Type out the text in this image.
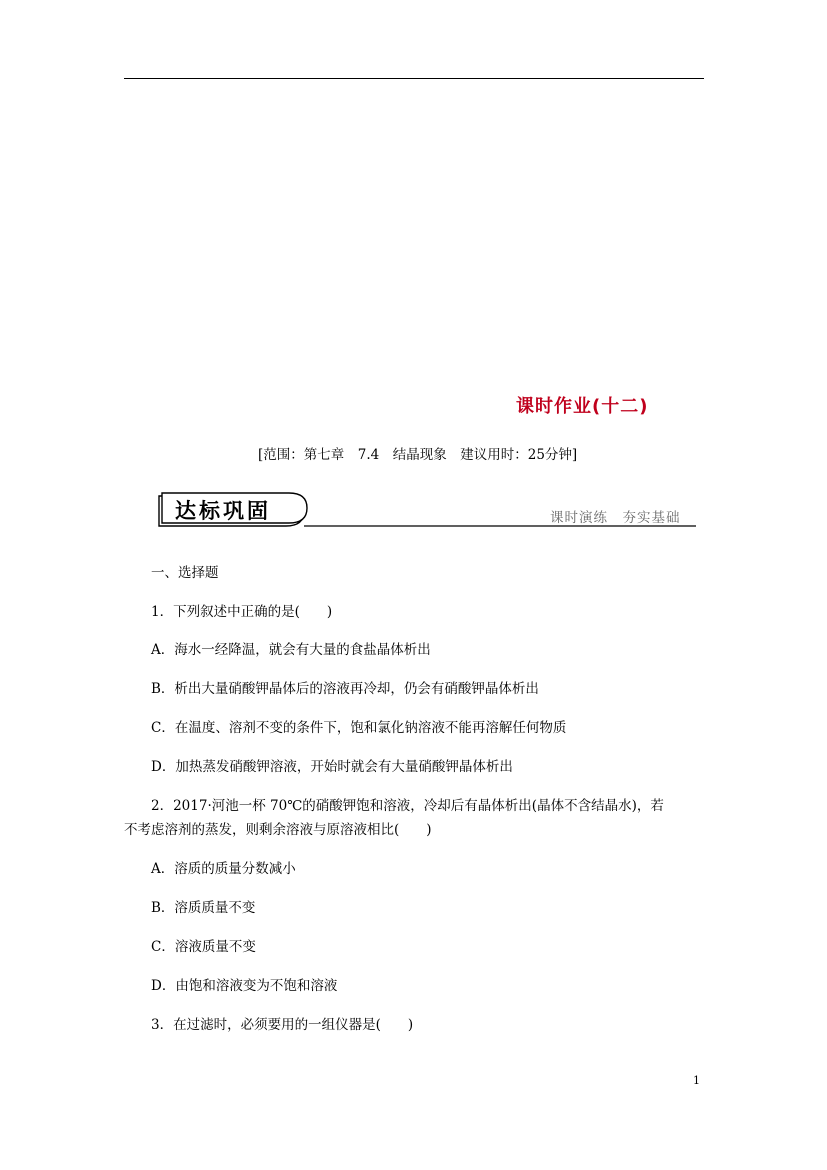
课时作业(十二)
[范围：第七章　7.4　结晶现象　建议用时：25分钟]
达标巩固	课时演练　夯实基础
一、选择题
1．下列叙述中正确的是(　　)
A．海水一经降温，就会有大量的食盐晶体析出
B．析出大量硝酸钾晶体后的溶液再冷却，仍会有硝酸钾晶体析出
C．在温度、溶剂不变的条件下，饱和氯化钠溶液不能再溶解任何物质
D．加热蒸发硝酸钾溶液，开始时就会有大量硝酸钾晶体析出
2．2017·河池一杯 70℃的硝酸钾饱和溶液，冷却后有晶体析出(晶体不含结晶水)，若
不考虑溶剂的蒸发，则剩余溶液与原溶液相比(　　)
A．溶质的质量分数减小
B．溶质质量不变
C．溶液质量不变
D．由饱和溶液变为不饱和溶液
3．在过滤时，必须要用的一组仪器是(　　)
1
